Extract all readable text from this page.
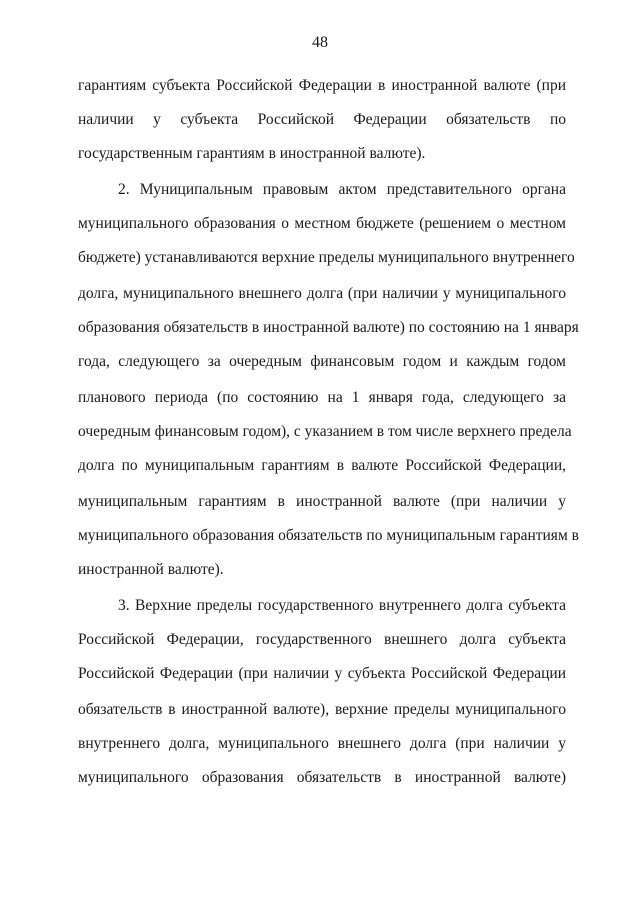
48
гарантиям субъекта Российской Федерации в иностранной валюте (при
наличии у субъекта Российской Федерации обязательств по
государственным гарантиям в иностранной валюте).
2. Муниципальным правовым актом представительного органа
муниципального образования о местном бюджете (решением о местном
бюджете) устанавливаются верхние пределы муниципального внутреннего
долга, муниципального внешнего долга (при наличии у муниципального
образования обязательств в иностранной валюте) по состоянию на 1 января
года, следующего за очередным финансовым годом и каждым годом
планового периода (по состоянию на 1 января года, следующего за
очередным финансовым годом), с указанием в том числе верхнего предела
долга по муниципальным гарантиям в валюте Российской Федерации,
муниципальным гарантиям в иностранной валюте (при наличии у
муниципального образования обязательств по муниципальным гарантиям в
иностранной валюте).
3. Верхние пределы государственного внутреннего долга субъекта
Российской Федерации, государственного внешнего долга субъекта
Российской Федерации (при наличии у субъекта Российской Федерации
обязательств в иностранной валюте), верхние пределы муниципального
внутреннего долга, муниципального внешнего долга (при наличии у
муниципального образования обязательств в иностранной валюте)
